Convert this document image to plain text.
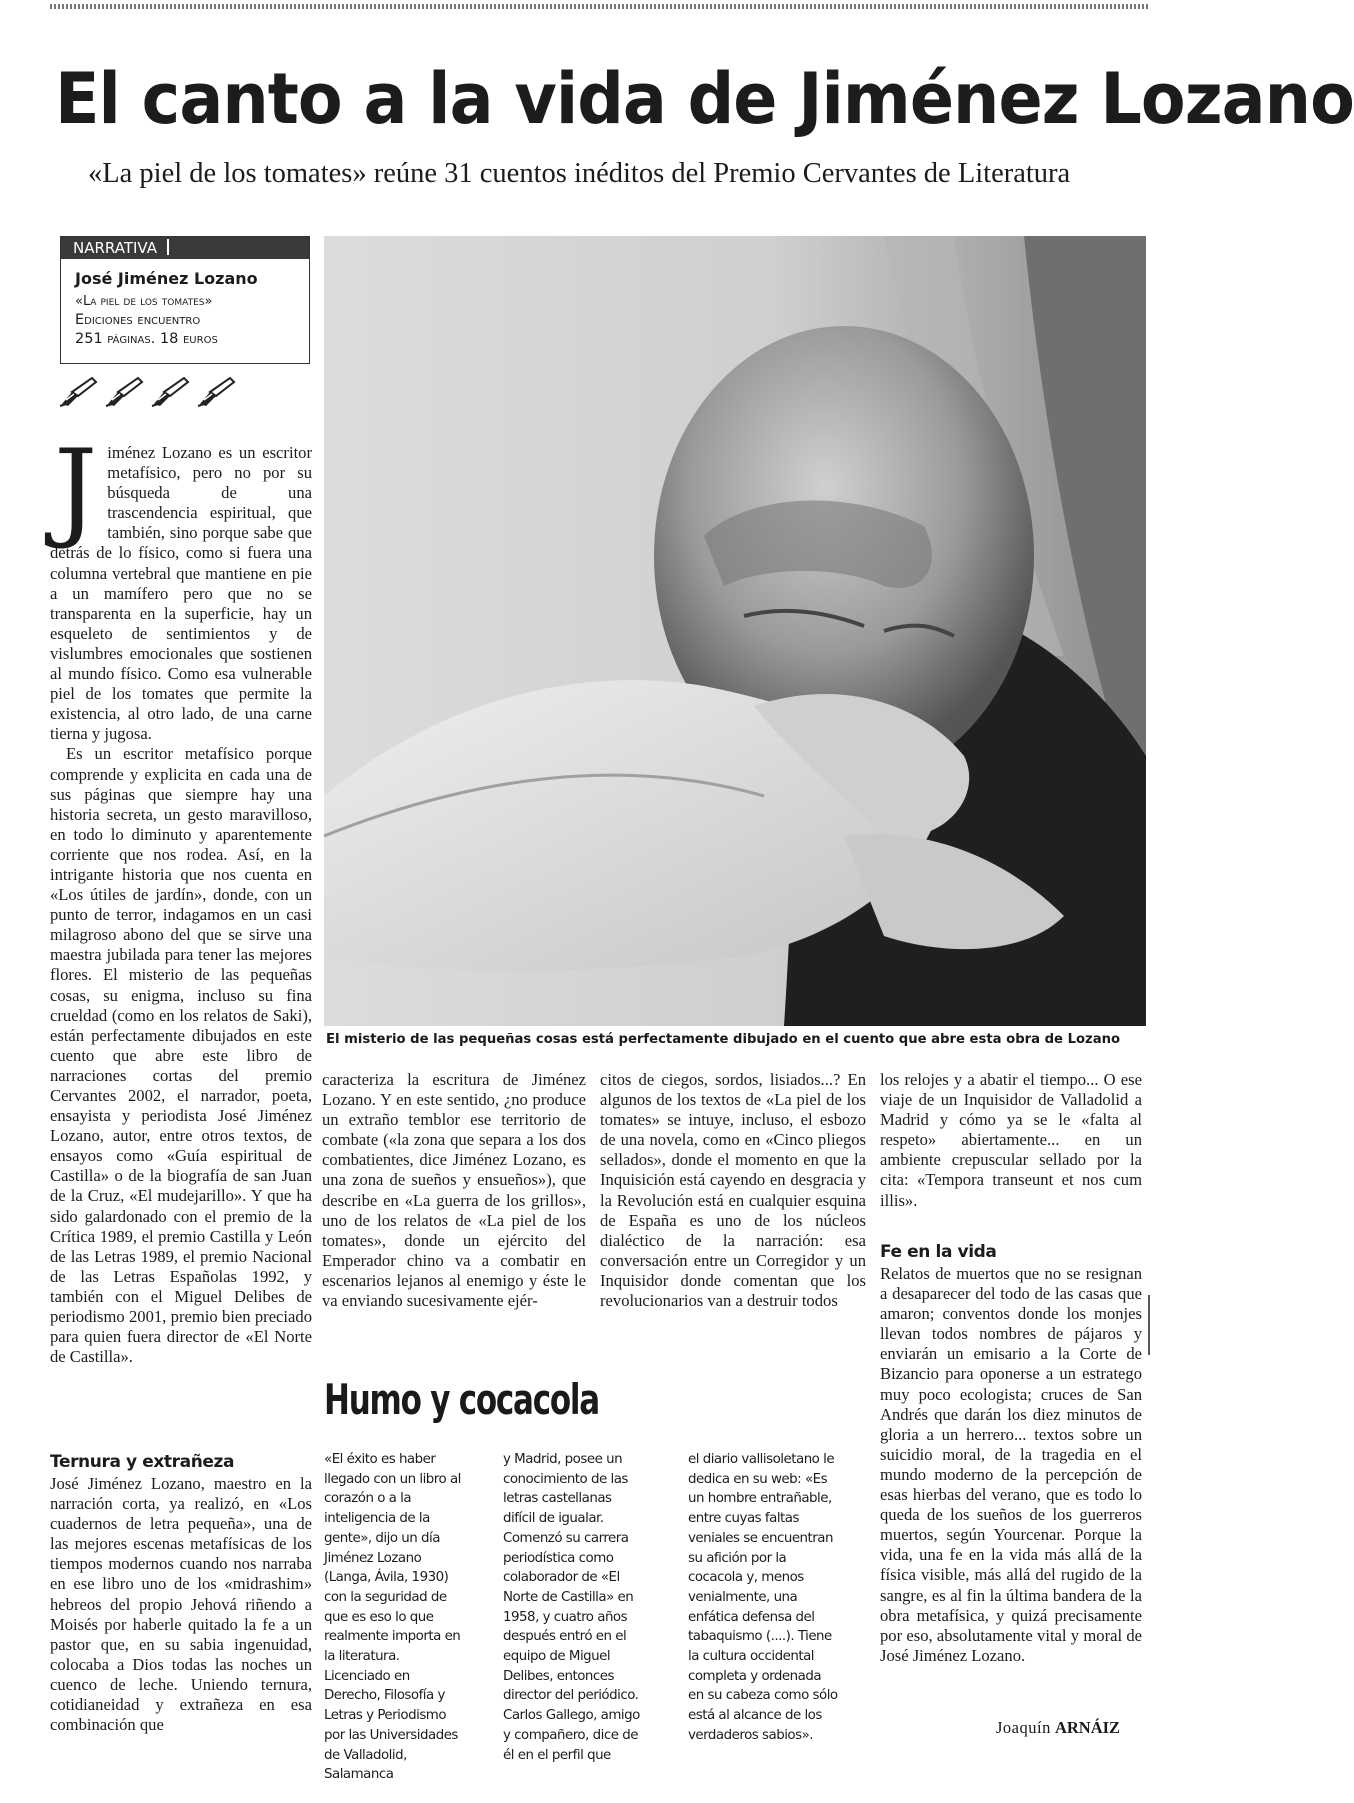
El canto a la vida de Jiménez Lozano
«La piel de los tomates» reúne 31 cuentos inéditos del Premio Cervantes de Literatura
NARRATIVA
José Jiménez Lozano
«La piel de los tomates»
Ediciones encuentro
251 páginas. 18 euros
El misterio de las pequeñas cosas está perfectamente dibujado en el cuento que abre esta obra de Lozano
J iménez Lozano es un escritor metafísico, pero no por su búsqueda de una trascendencia espiritual, que también, sino porque sabe que detrás de lo físico, como si fuera una columna vertebral que mantiene en pie a un mamífero pero que no se transparenta en la superficie, hay un esqueleto de sentimientos y de vislumbres emocionales que sostienen al mundo físico. Como esa vulnerable piel de los tomates que permite la existencia, al otro lado, de una carne tierna y jugosa.

Es un escritor metafísico porque comprende y explicita en cada una de sus páginas que siempre hay una historia secreta, un gesto maravilloso, en todo lo diminuto y aparentemente corriente que nos rodea. Así, en la intrigante historia que nos cuenta en «Los útiles de jardín», donde, con un punto de terror, indagamos en un casi milagroso abono del que se sirve una maestra jubilada para tener las mejores flores. El misterio de las pequeñas cosas, su enigma, incluso su fina crueldad (como en los relatos de Saki), están perfectamente dibujados en este cuento que abre este libro de narraciones cortas del premio Cervantes 2002, el narrador, poeta, ensayista y periodista José Jiménez Lozano, autor, entre otros textos, de ensayos como «Guía espiritual de Castilla» o de la biografía de san Juan de la Cruz, «El mudejarillo». Y que ha sido galardonado con el premio de la Crítica 1989, el premio Castilla y León de las Letras 1989, el premio Nacional de las Letras Españolas 1992, y también con el Miguel Delibes de periodismo 2001, premio bien preciado para quien fuera director de «El Norte de Castilla».

Ternura y extrañeza

José Jiménez Lozano, maestro en la narración corta, ya realizó, en «Los cuadernos de letra pequeña», una de las mejores escenas metafísicas de los tiempos modernos cuando nos narraba en ese libro uno de los «midrashim» hebreos del propio Jehová riñendo a Moisés por haberle quitado la fe a un pastor que, en su sabia ingenuidad, colocaba a Dios todas las noches un cuenco de leche. Uniendo ternura, cotidianeidad y extrañeza en esa combinación que

caracteriza la escritura de Jiménez Lozano. Y en este sentido, ¿no produce un extraño temblor ese territorio de combate («la zona que separa a los dos combatientes, dice Jiménez Lozano, es una zona de sueños y ensueños»), que describe en «La guerra de los grillos», uno de los relatos de «La piel de los tomates», donde un ejército del Emperador chino va a combatir en escenarios lejanos al enemigo y éste le va enviando sucesivamente ejér-

citos de ciegos, sordos, lisiados...? En algunos de los textos de «La piel de los tomates» se intuye, incluso, el esbozo de una novela, como en «Cinco pliegos sellados», donde el momento en que la Inquisición está cayendo en desgracia y la Revolución está en cualquier esquina de España es uno de los núcleos dialéctico de la narración: esa conversación entre un Corregidor y un Inquisidor donde comentan que los revolucionarios van a destruir todos

los relojes y a abatir el tiempo... O ese viaje de un Inquisidor de Valladolid a Madrid y cómo ya se le «falta al respeto» abiertamente... en un ambiente crepuscular sellado por la cita: «Tempora transeunt et nos cum illis».

Fe en la vida

Relatos de muertos que no se resignan a desaparecer del todo de las casas que amaron; conventos donde los monjes llevan todos nombres de pájaros y enviarán un emisario a la Corte de Bizancio para oponerse a un estratego muy poco ecologista; cruces de San Andrés que darán los diez minutos de gloria a un herrero... textos sobre un suicidio moral, de la tragedia en el mundo moderno de la percepción de esas hierbas del verano, que es todo lo queda de los sueños de los guerreros muertos, según Yourcenar. Porque la vida, una fe en la vida más allá de la física visible, más allá del rugido de la sangre, es al fin la última bandera de la obra metafísica, y quizá precisamente por eso, absolutamente vital y moral de José Jiménez Lozano.

Humo y cocacola
«El éxito es haber llegado con un libro al corazón o a la inteligencia de la gente», dijo un día Jiménez Lozano (Langa, Ávila, 1930) con la seguridad de que es eso lo que realmente importa en la literatura. Licenciado en Derecho, Filosofía y Letras y Periodismo por las Universidades de Valladolid, Salamanca
y Madrid, posee un conocimiento de las letras castellanas difícil de igualar. Comenzó su carrera periodística como colaborador de «El Norte de Castilla» en 1958, y cuatro años después entró en el equipo de Miguel Delibes, entonces director del periódico. Carlos Gallego, amigo y compañero, dice de él en el perfil que
el diario vallisoletano le dedica en su web: «Es un hombre entrañable, entre cuyas faltas veniales se encuentran su afición por la cocacola y, menos venialmente, una enfática defensa del tabaquismo (....). Tiene la cultura occidental completa y ordenada en su cabeza como sólo está al alcance de los verdaderos sabios».	Joaquín ARNÁIZ
